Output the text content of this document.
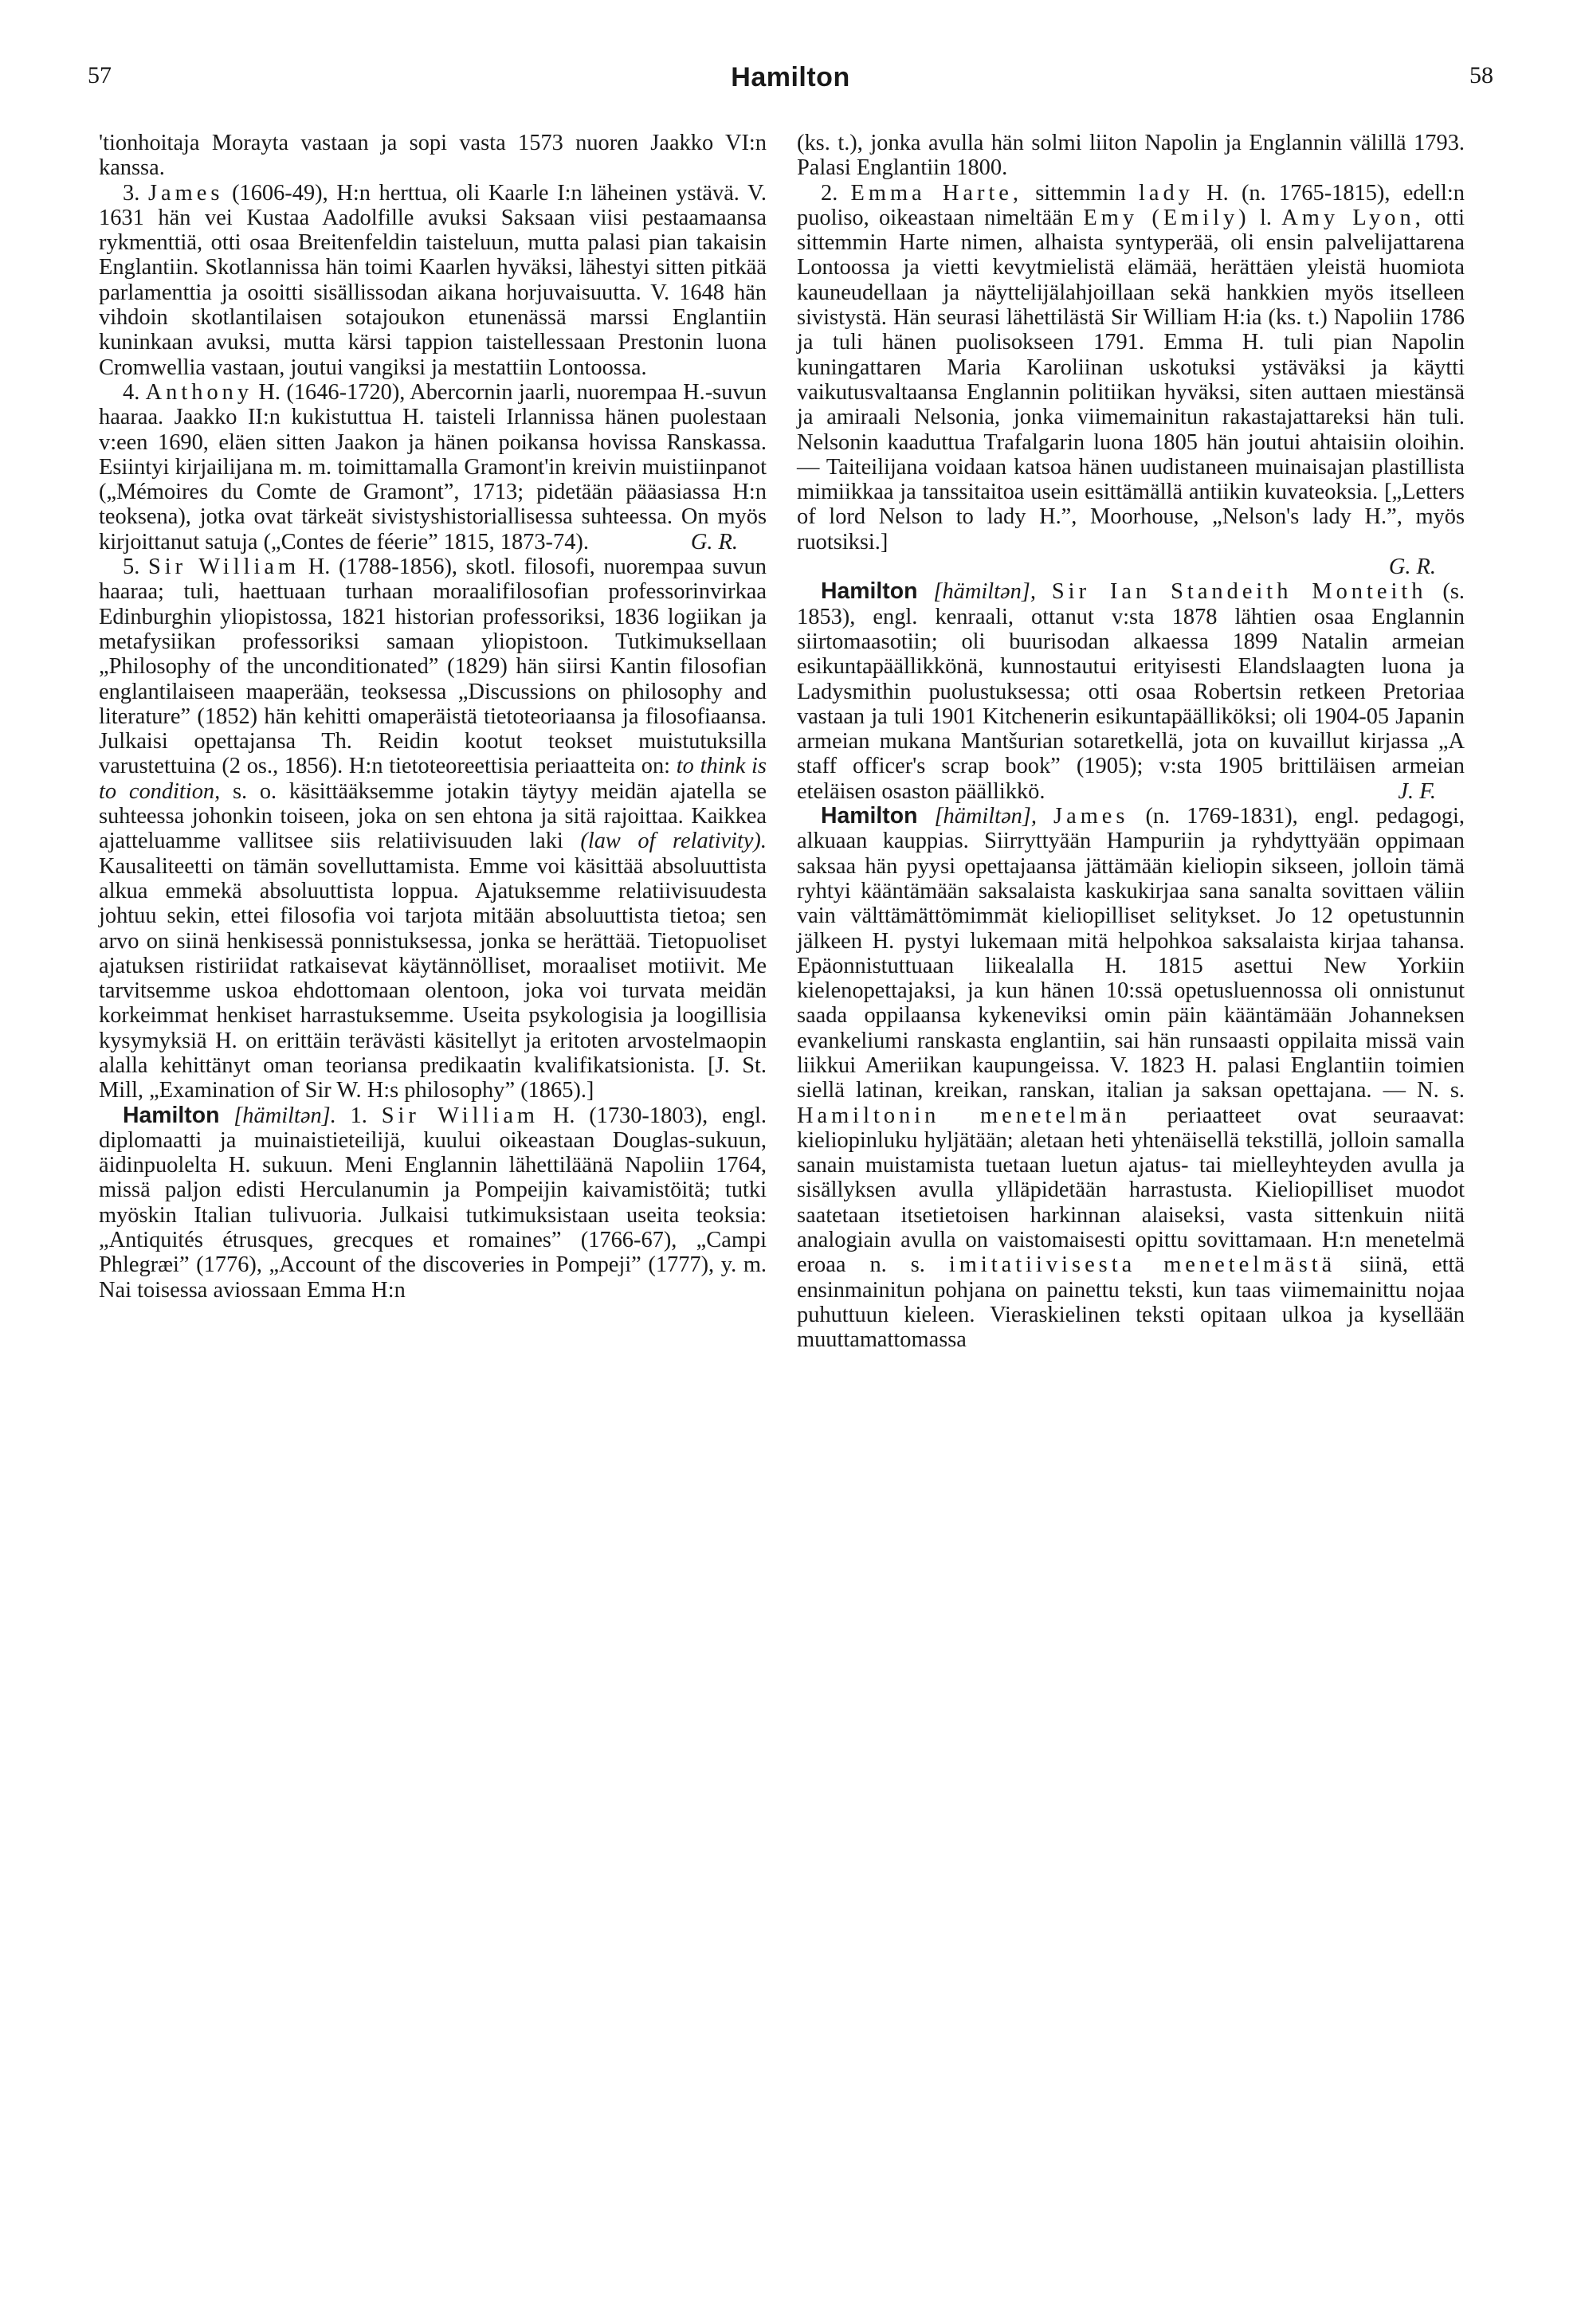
57	Hamilton	58

'tionhoitaja Morayta vastaan ja sopi vasta 1573 nuoren Jaakko VI:n kanssa.

3. James (1606-49), H:n herttua, oli Kaarle I:n läheinen ystävä. V. 1631 hän vei Kustaa Aadolfille avuksi Saksaan viisi pestaamaansa rykmenttiä, otti osaa Breitenfeldin taisteluun, mutta palasi pian takaisin Englantiin. Skotlannissa hän toimi Kaarlen hyväksi, lähestyi sitten pitkää parlamenttia ja osoitti sisällissodan aikana horjuvaisuutta. V. 1648 hän vihdoin skotlantilaisen sotajoukon etunenässä marssi Englantiin kuninkaan avuksi, mutta kärsi tappion taistellessaan Prestonin luona Cromwellia vastaan, joutui vangiksi ja mestattiin Lontoossa.

4. Anthony H. (1646-1720), Abercornin jaarli, nuorempaa H.-suvun haaraa. Jaakko II:n kukistuttua H. taisteli Irlannissa hänen puolestaan v:een 1690, eläen sitten Jaakon ja hänen poikansa hovissa Ranskassa. Esiintyi kirjailijana m. m. toimittamalla Gramont'in kreivin muistiinpanot („Mémoires du Comte de Gramont”, 1713; pidetään pääasiassa H:n teoksena), jotka ovat tärkeät sivistyshistoriallisessa suhteessa. On myös kirjoittanut satuja („Contes de féerie” 1815, 1873-74).	G. R.

5. Sir William H. (1788-1856), skotl. filosofi, nuorempaa suvun haaraa; tuli, haettuaan turhaan moraalifilosofian professorinvirkaa Edinburghin yliopistossa, 1821 historian professoriksi, 1836 logiikan ja metafysiikan professoriksi samaan yliopistoon. Tutkimuksellaan „Philosophy of the unconditionated” (1829) hän siirsi Kantin filosofian englantilaiseen maaperään, teoksessa „Discussions on philosophy and literature” (1852) hän kehitti omaperäistä tietoteoriaansa ja filosofiaansa. Julkaisi opettajansa Th. Reidin kootut teokset muistutuksilla varustettuina (2 os., 1856). H:n tietoteoreettisia periaatteita on: to think is to condition, s. o. käsittääksemme jotakin täytyy meidän ajatella se suhteessa johonkin toiseen, joka on sen ehtona ja sitä rajoittaa. Kaikkea ajatteluamme vallitsee siis relatiivisuuden laki (law of relativity). Kausaliteetti on tämän sovelluttamista. Emme voi käsittää absoluuttista alkua emmekä absoluuttista loppua. Ajatuksemme relatiivisuudesta johtuu sekin, ettei filosofia voi tarjota mitään absoluuttista tietoa; sen arvo on siinä henkisessä ponnistuksessa, jonka se herättää. Tietopuoliset ajatuksen ristiriidat ratkaisevat käytännölliset, moraaliset motiivit. Me tarvitsemme uskoa ehdottomaan olentoon, joka voi turvata meidän korkeimmat henkiset harrastuksemme. Useita psykologisia ja loogillisia kysymyksiä H. on erittäin terävästi käsitellyt ja eritoten arvostelmaopin alalla kehittänyt oman teoriansa predikaatin kvalifikatsionista. [J. St. Mill, „Examination of Sir W. H:s philosophy” (1865).]

Hamilton [hämiltən]. 1. Sir William H. (1730-1803), engl. diplomaatti ja muinaistieteilijä, kuului oikeastaan Douglas-sukuun, äidinpuolelta H. sukuun. Meni Englannin lähettiläänä Napoliin 1764, missä paljon edisti Herculanumin ja Pompeijin kaivamistöitä; tutki myöskin Italian tulivuoria. Julkaisi tutkimuksistaan useita teoksia: „Antiquités étrusques, grecques et romaines” (1766-67), „Campi Phlegræi” (1776), „Account of the discoveries in Pompeji” (1777), y. m. Nai toisessa aviossaan Emma H:n

(ks. t.), jonka avulla hän solmi liiton Napolin ja Englannin välillä 1793. Palasi Englantiin 1800.

2. Emma Harte, sittemmin lady H. (n. 1765-1815), edell:n puoliso, oikeastaan nimeltään Emy (Emily) l. Amy Lyon, otti sittemmin Harte nimen, alhaista syntyperää, oli ensin palvelijattarena Lontoossa ja vietti kevytmielistä elämää, herättäen yleistä huomiota kauneudellaan ja näyttelijälahjoillaan sekä hankkien myös itselleen sivistystä. Hän seurasi lähettilästä Sir William H:ia (ks. t.) Napoliin 1786 ja tuli hänen puolisokseen 1791. Emma H. tuli pian Napolin kuningattaren Maria Karoliinan uskotuksi ystäväksi ja käytti vaikutusvaltaansa Englannin politiikan hyväksi, siten auttaen miestänsä ja amiraali Nelsonia, jonka viimemainitun rakastajattareksi hän tuli. Nelsonin kaaduttua Trafalgarin luona 1805 hän joutui ahtaisiin oloihin. — Taiteilijana voidaan katsoa hänen uudistaneen muinaisajan plastillista mimiikkaa ja tanssitaitoa usein esittämällä antiikin kuvateoksia. [„Letters of lord Nelson to lady H.”, Moorhouse, „Nelson's lady H.”, myös ruotsiksi.]

G. R.

Hamilton [hämiltən], Sir Ian Standeith Monteith (s. 1853), engl. kenraali, ottanut v:sta 1878 lähtien osaa Englannin siirtomaasotiin; oli buurisodan alkaessa 1899 Natalin armeian esikuntapäällikkönä, kunnostautui erityisesti Elandslaagten luona ja Ladysmithin puolustuksessa; otti osaa Robertsin retkeen Pretoriaa vastaan ja tuli 1901 Kitchenerin esikuntapäälliköksi; oli 1904-05 Japanin armeian mukana Mantšurian sotaretkellä, jota on kuvaillut kirjassa „A staff officer's scrap book” (1905); v:sta 1905 brittiläisen armeian eteläisen osaston päällikkö.	J. F.

Hamilton [hämiltən], James (n. 1769-1831), engl. pedagogi, alkuaan kauppias. Siirryttyään Hampuriin ja ryhdyttyään oppimaan saksaa hän pyysi opettajaansa jättämään kieliopin sikseen, jolloin tämä ryhtyi kääntämään saksalaista kaskukirjaa sana sanalta sovittaen väliin vain välttämättömimmät kieliopilliset selitykset. Jo 12 opetustunnin jälkeen H. pystyi lukemaan mitä helpohkoa saksalaista kirjaa tahansa. Epäonnistuttuaan liikealalla H. 1815 asettui New Yorkiin kielenopettajaksi, ja kun hänen 10:ssä opetusluennossa oli onnistunut saada oppilaansa kykeneviksi omin päin kääntämään Johanneksen evankeliumi ranskasta englantiin, sai hän runsaasti oppilaita missä vain liikkui Ameriikan kaupungeissa. V. 1823 H. palasi Englantiin toimien siellä latinan, kreikan, ranskan, italian ja saksan opettajana. — N. s. Hamiltonin menetelmän periaatteet ovat seuraavat: kieliopinluku hyljätään; aletaan heti yhtenäisellä tekstillä, jolloin samalla sanain muistamista tuetaan luetun ajatus- tai mielleyhteyden avulla ja sisällyksen avulla ylläpidetään harrastusta. Kieliopilliset muodot saatetaan itsetietoisen harkinnan alaiseksi, vasta sittenkuin niitä analogiain avulla on vaistomaisesti opittu sovittamaan. H:n menetelmä eroaa n. s. imitatiivisesta menetelmästä siinä, että ensinmainitun pohjana on painettu teksti, kun taas viimemainittu nojaa puhuttuun kieleen. Vieraskielinen teksti opitaan ulkoa ja kysellään muuttamattomassa
